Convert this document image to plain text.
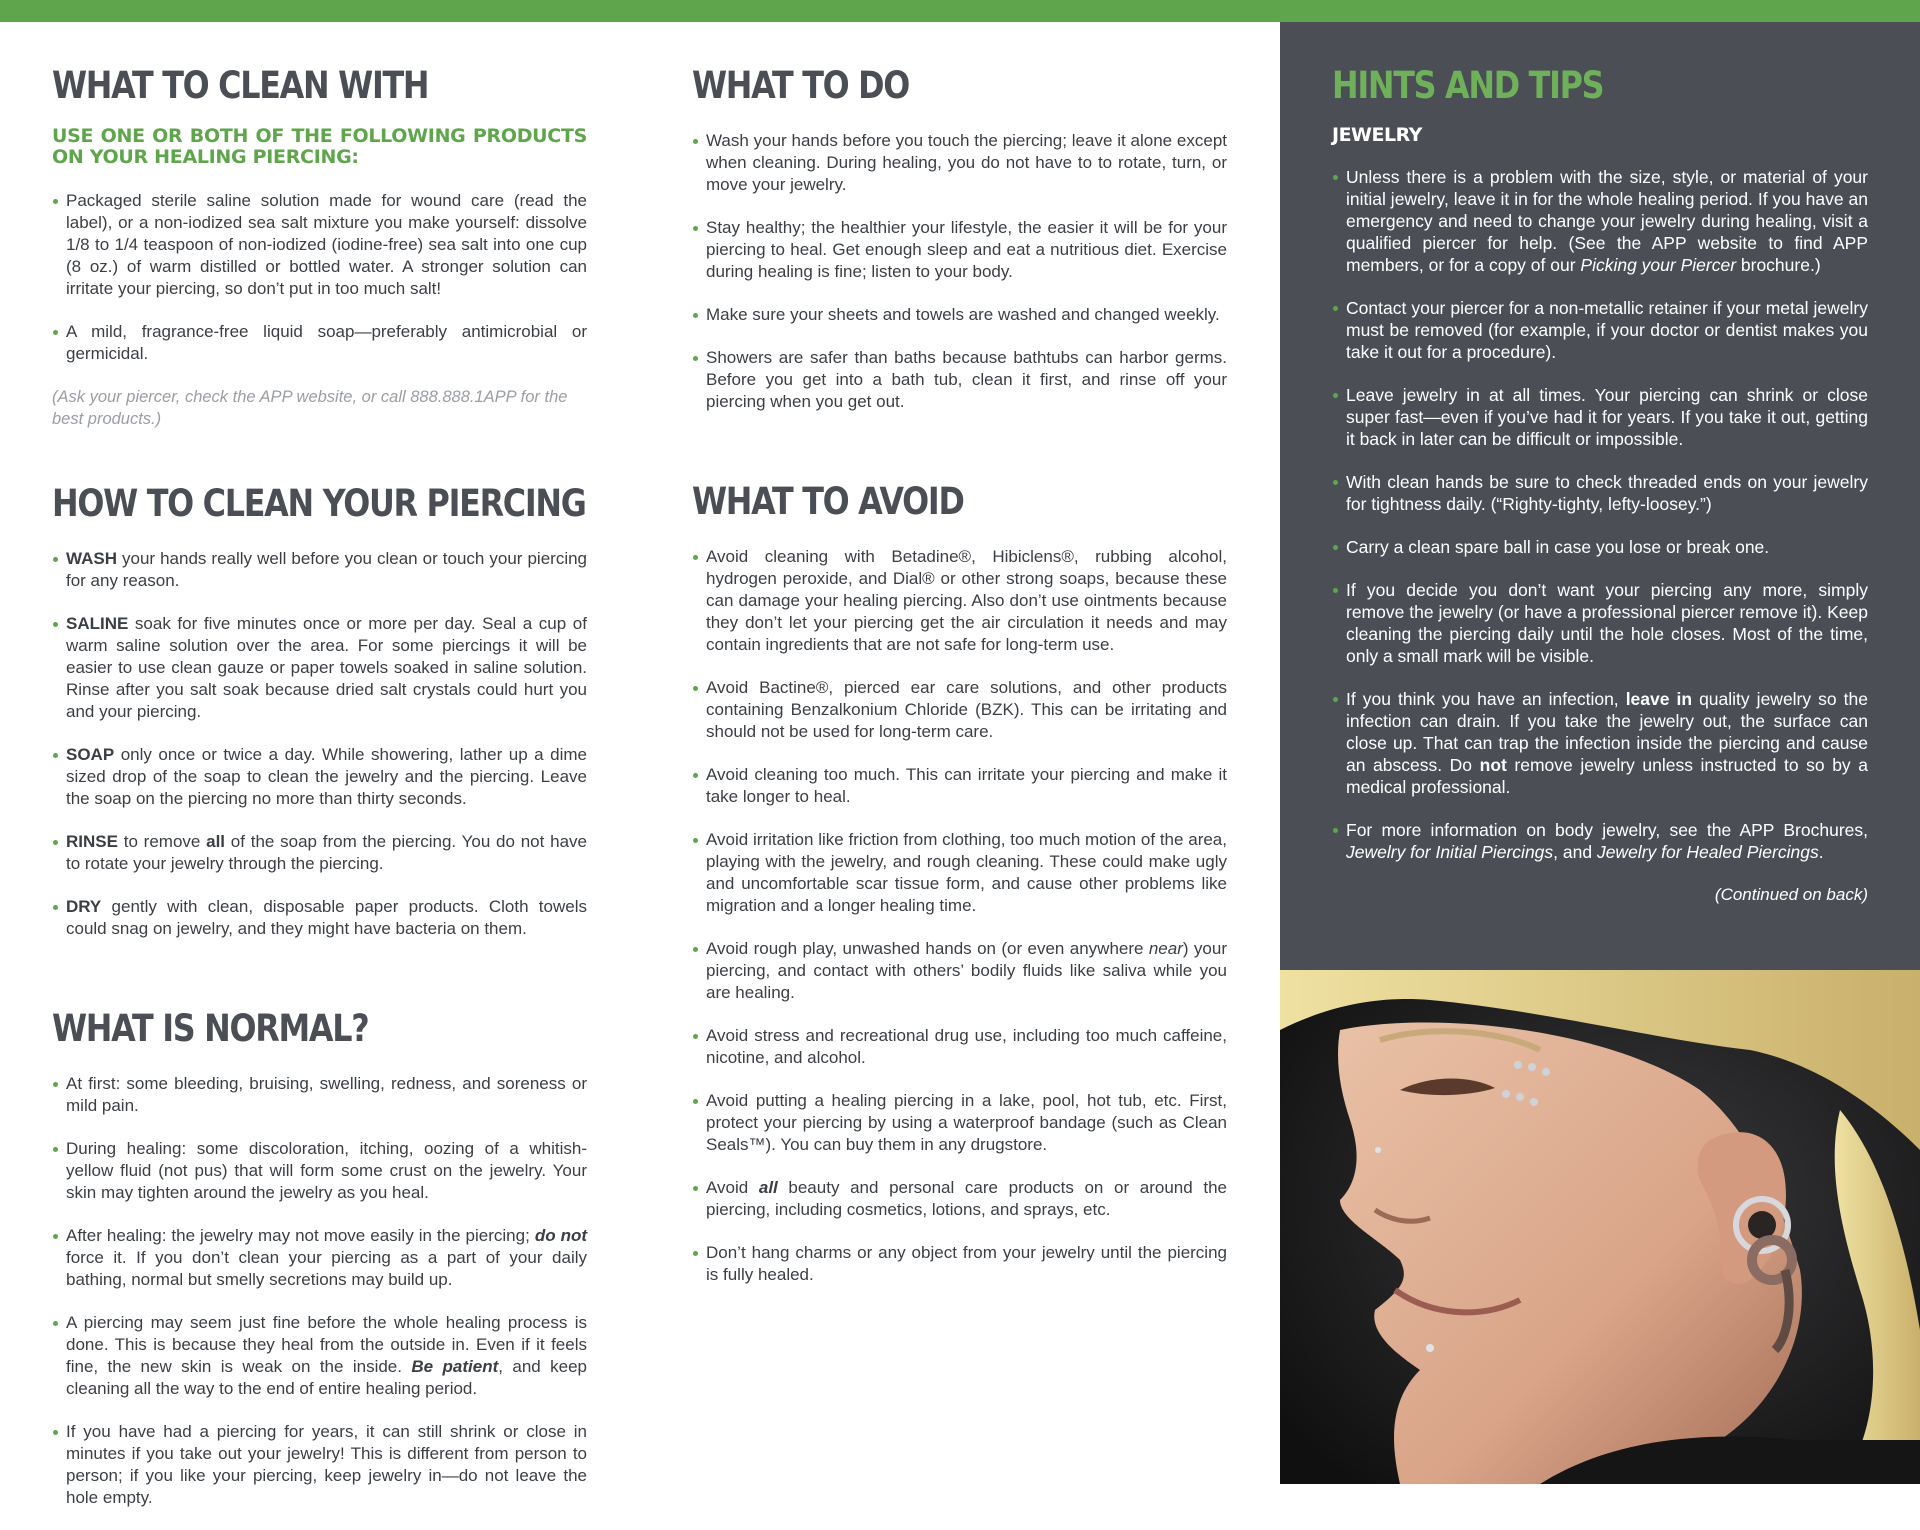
WHAT TO CLEAN WITH
USE ONE OR BOTH OF THE FOLLOWING PRODUCTS ON YOUR HEALING PIERCING:
Packaged sterile saline solution made for wound care (read the label), or a non-iodized sea salt mixture you make yourself: dissolve 1/8 to 1/4 teaspoon of non-iodized (iodine-free) sea salt into one cup (8 oz.) of warm distilled or bottled water. A stronger solution can irritate your piercing, so don’t put in too much salt!
A mild, fragrance-free liquid soap—preferably antimicrobial or germicidal.

(Ask your piercer, check the APP website, or call 888.888.1APP for the best products.)

HOW TO CLEAN YOUR PIERCING
WASH your hands really well before you clean or touch your piercing for any reason.
SALINE soak for five minutes once or more per day. Seal a cup of warm saline solution over the area. For some piercings it will be easier to use clean gauze or paper towels soaked in saline solution. Rinse after you salt soak because dried salt crystals could hurt you and your piercing.
SOAP only once or twice a day. While showering, lather up a dime sized drop of the soap to clean the jewelry and the piercing. Leave the soap on the piercing no more than thirty seconds.
RINSE to remove all of the soap from the piercing. You do not have to rotate your jewelry through the piercing.
DRY gently with clean, disposable paper products. Cloth towels could snag on jewelry, and they might have bacteria on them.
WHAT IS NORMAL?
At first: some bleeding, bruising, swelling, redness, and soreness or mild pain.
During healing: some discoloration, itching, oozing of a whitish-yellow fluid (not pus) that will form some crust on the jewelry. Your skin may tighten around the jewelry as you heal.
After healing: the jewelry may not move easily in the piercing; do not force it. If you don’t clean your piercing as a part of your daily bathing, normal but smelly secretions may build up.
A piercing may seem just fine before the whole healing process is done. This is because they heal from the outside in. Even if it feels fine, the new skin is weak on the inside. Be patient, and keep cleaning all the way to the end of entire healing period.
If you have had a piercing for years, it can still shrink or close in minutes if you take out your jewelry! This is different from person to person; if you like your piercing, keep jewelry in—do not leave the hole empty.
WHAT TO DO
Wash your hands before you touch the piercing; leave it alone except when cleaning. During healing, you do not have to to rotate, turn, or move your jewelry.
Stay healthy; the healthier your lifestyle, the easier it will be for your piercing to heal. Get enough sleep and eat a nutritious diet. Exercise during healing is fine; listen to your body.
Make sure your sheets and towels are washed and changed weekly.
Showers are safer than baths because bathtubs can harbor germs. Before you get into a bath tub, clean it first, and rinse off your piercing when you get out.
WHAT TO AVOID
Avoid cleaning with Betadine®, Hibiclens®, rubbing alcohol, hydrogen peroxide, and Dial® or other strong soaps, because these can damage your healing piercing. Also don’t use ointments because they don’t let your piercing get the air circulation it needs and may contain ingredients that are not safe for long-term use.
Avoid Bactine®, pierced ear care solutions, and other products containing Benzalkonium Chloride (BZK). This can be irritating and should not be used for long-term care.
Avoid cleaning too much. This can irritate your piercing and make it take longer to heal.
Avoid irritation like friction from clothing, too much motion of the area, playing with the jewelry, and rough cleaning. These could make ugly and uncomfortable scar tissue form, and cause other problems like migration and a longer healing time.
Avoid rough play, unwashed hands on (or even anywhere near) your piercing, and contact with others’ bodily fluids like saliva while you are healing.
Avoid stress and recreational drug use, including too much caffeine, nicotine, and alcohol.
Avoid putting a healing piercing in a lake, pool, hot tub, etc. First, protect your piercing by using a waterproof bandage (such as Clean Seals™). You can buy them in any drugstore.
Avoid all beauty and personal care products on or around the piercing, including cosmetics, lotions, and sprays, etc.
Don’t hang charms or any object from your jewelry until the piercing is fully healed.
HINTS AND TIPS
JEWELRY
Unless there is a problem with the size, style, or material of your initial jewelry, leave it in for the whole healing period. If you have an emergency and need to change your jewelry during healing, visit a qualified piercer for help. (See the APP website to find APP members, or for a copy of our Picking your Piercer brochure.)
Contact your piercer for a non-metallic retainer if your metal jewelry must be removed (for example, if your doctor or dentist makes you take it out for a procedure).
Leave jewelry in at all times. Your piercing can shrink or close super fast—even if you’ve had it for years. If you take it out, getting it back in later can be difficult or impossible.
With clean hands be sure to check threaded ends on your jewelry for tightness daily. (“Righty-tighty, lefty-loosey.”)
Carry a clean spare ball in case you lose or break one.
If you decide you don’t want your piercing any more, simply remove the jewelry (or have a professional piercer remove it). Keep cleaning the piercing daily until the hole closes. Most of the time, only a small mark will be visible.
If you think you have an infection, leave in quality jewelry so the infection can drain. If you take the jewelry out, the surface can close up. That can trap the infection inside the piercing and cause an abscess. Do not remove jewelry unless instructed to so by a medical professional.
For more information on body jewelry, see the APP Brochures, Jewelry for Initial Piercings, and Jewelry for Healed Piercings.

(Continued on back)
